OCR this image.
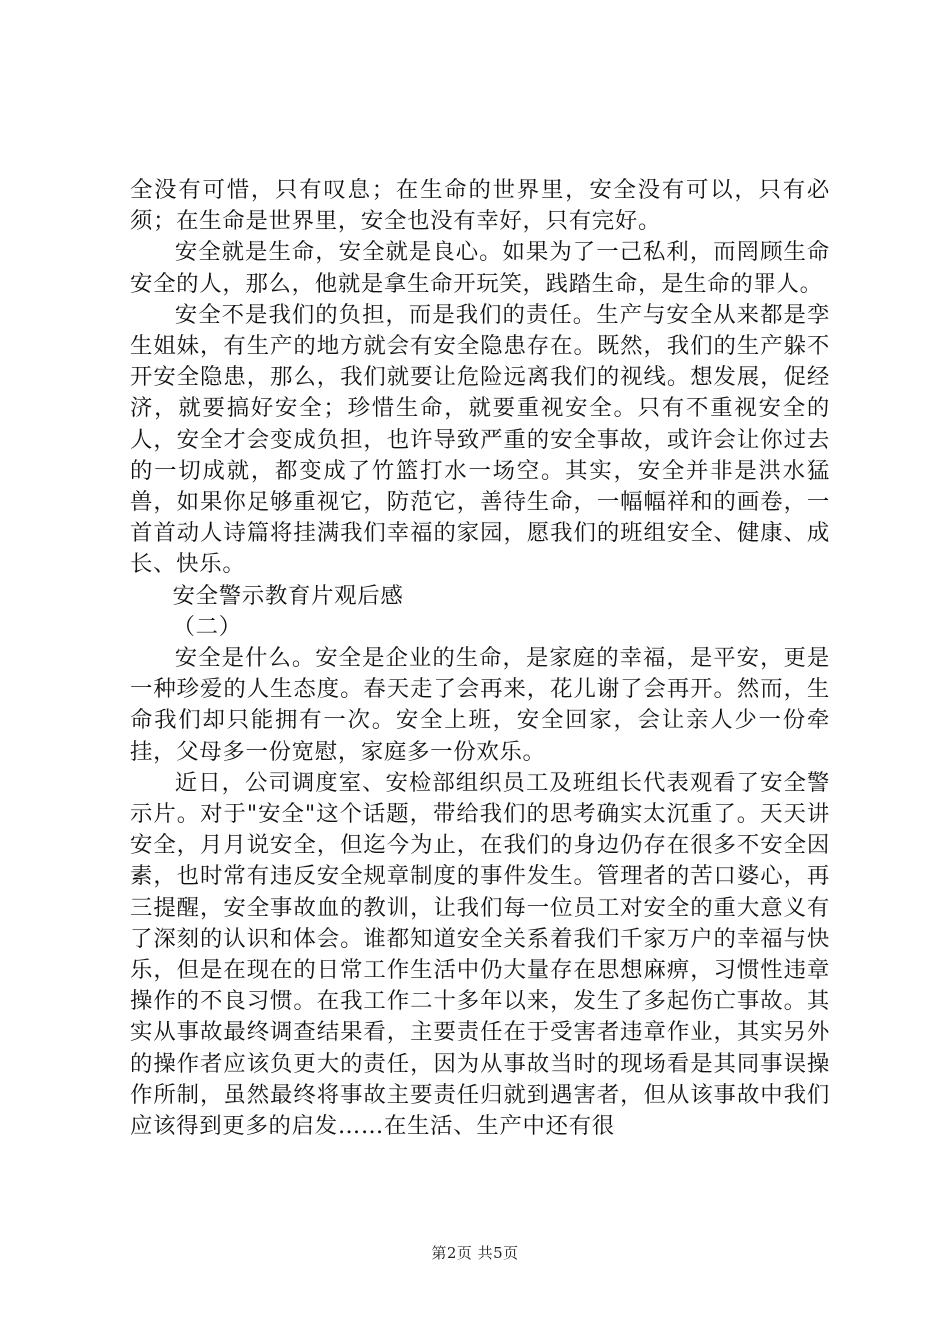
全没有可惜，只有叹息；在生命的世界里，安全没有可以，只有必须；在生命是世界里，安全也没有幸好，只有完好。

安全就是生命，安全就是良心。如果为了一己私利，而罔顾生命安全的人，那么，他就是拿生命开玩笑，践踏生命，是生命的罪人。

安全不是我们的负担，而是我们的责任。生产与安全从来都是孪生姐妹，有生产的地方就会有安全隐患存在。既然，我们的生产躲不开安全隐患，那么，我们就要让危险远离我们的视线。想发展，促经济，就要搞好安全；珍惜生命，就要重视安全。只有不重视安全的人，安全才会变成负担，也许导致严重的安全事故，或许会让你过去的一切成就，都变成了竹篮打水一场空。其实，安全并非是洪水猛兽，如果你足够重视它，防范它，善待生命，一幅幅祥和的画卷，一首首动人诗篇将挂满我们幸福的家园，愿我们的班组安全、健康、成长、快乐。

安全警示教育片观后感

（二）

安全是什么。安全是企业的生命，是家庭的幸福，是平安，更是一种珍爱的人生态度。春天走了会再来，花儿谢了会再开。然而，生命我们却只能拥有一次。安全上班，安全回家，会让亲人少一份牵挂，父母多一份宽慰，家庭多一份欢乐。

近日，公司调度室、安检部组织员工及班组长代表观看了安全警示片。对于"安全"这个话题，带给我们的思考确实太沉重了。天天讲安全，月月说安全，但迄今为止，在我们的身边仍存在很多不安全因素，也时常有违反安全规章制度的事件发生。管理者的苦口婆心，再三提醒，安全事故血的教训，让我们每一位员工对安全的重大意义有了深刻的认识和体会。谁都知道安全关系着我们千家万户的幸福与快乐，但是在现在的日常工作生活中仍大量存在思想麻痹，习惯性违章操作的不良习惯。在我工作二十多年以来，发生了多起伤亡事故。其实从事故最终调查结果看，主要责任在于受害者违章作业，其实另外的操作者应该负更大的责任，因为从事故当时的现场看是其同事误操作所制，虽然最终将事故主要责任归就到遇害者，但从该事故中我们应该得到更多的启发……在生活、生产中还有很

第2页 共5页
